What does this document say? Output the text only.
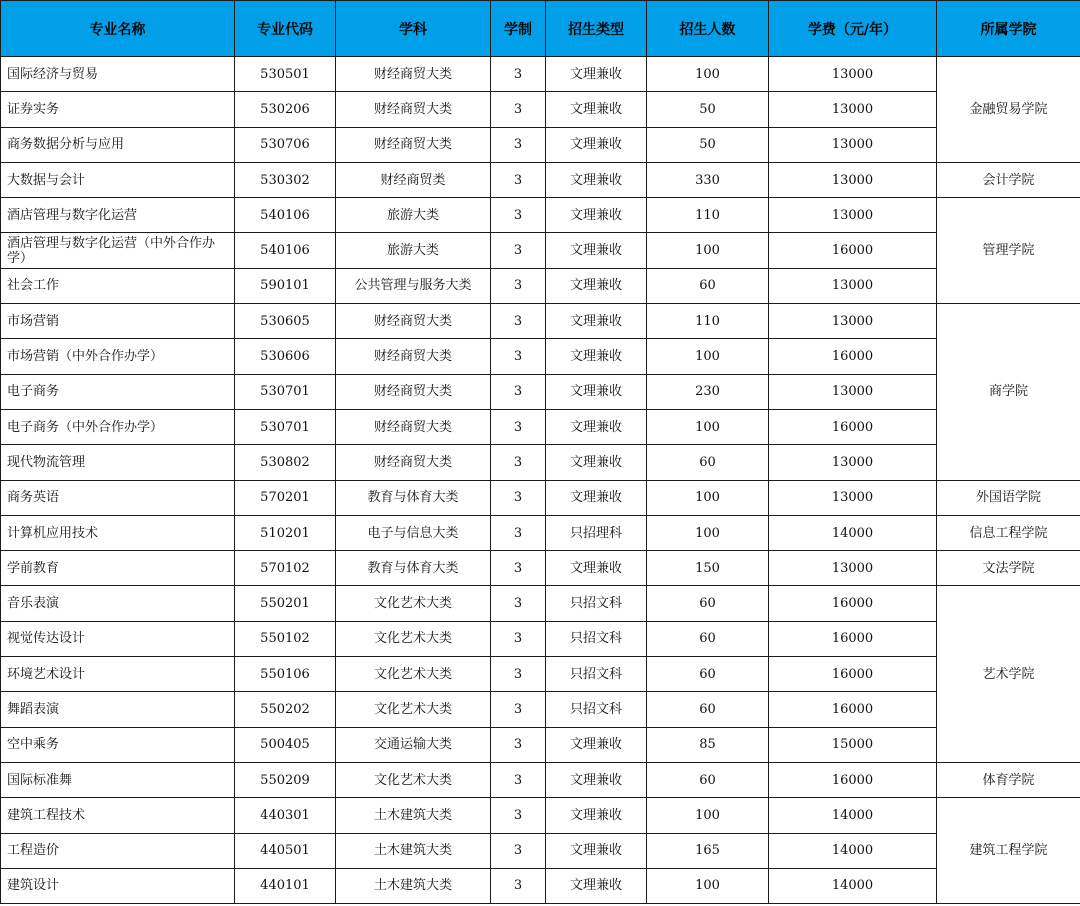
专业名称	专业代码	学科	学制	招生类型	招生人数	学费（元/年）	所属学院
国际经济与贸易	530501	财经商贸大类	3	文理兼收	100	13000	金融贸易学院
证券实务	530206	财经商贸大类	3	文理兼收	50	13000	
商务数据分析与应用	530706	财经商贸大类	3	文理兼收	50	13000	
大数据与会计	530302	财经商贸类	3	文理兼收	330	13000	会计学院
酒店管理与数字化运营	540106	旅游大类	3	文理兼收	110	13000	管理学院
酒店管理与数字化运营（中外合作办学）	540106	旅游大类	3	文理兼收	100	16000	
社会工作	590101	公共管理与服务大类	3	文理兼收	60	13000	
市场营销	530605	财经商贸大类	3	文理兼收	110	13000	商学院
市场营销（中外合作办学）	530606	财经商贸大类	3	文理兼收	100	16000	
电子商务	530701	财经商贸大类	3	文理兼收	230	13000	
电子商务（中外合作办学）	530701	财经商贸大类	3	文理兼收	100	16000	
现代物流管理	530802	财经商贸大类	3	文理兼收	60	13000	
商务英语	570201	教育与体育大类	3	文理兼收	100	13000	外国语学院
计算机应用技术	510201	电子与信息大类	3	只招理科	100	14000	信息工程学院
学前教育	570102	教育与体育大类	3	文理兼收	150	13000	文法学院
音乐表演	550201	文化艺术大类	3	只招文科	60	16000	艺术学院
视觉传达设计	550102	文化艺术大类	3	只招文科	60	16000	
环境艺术设计	550106	文化艺术大类	3	只招文科	60	16000	
舞蹈表演	550202	文化艺术大类	3	只招文科	60	16000	
空中乘务	500405	交通运输大类	3	文理兼收	85	15000	
国际标准舞	550209	文化艺术大类	3	文理兼收	60	16000	体育学院
建筑工程技术	440301	土木建筑大类	3	文理兼收	100	14000	建筑工程学院
工程造价	440501	土木建筑大类	3	文理兼收	165	14000	
建筑设计	440101	土木建筑大类	3	文理兼收	100	14000	
